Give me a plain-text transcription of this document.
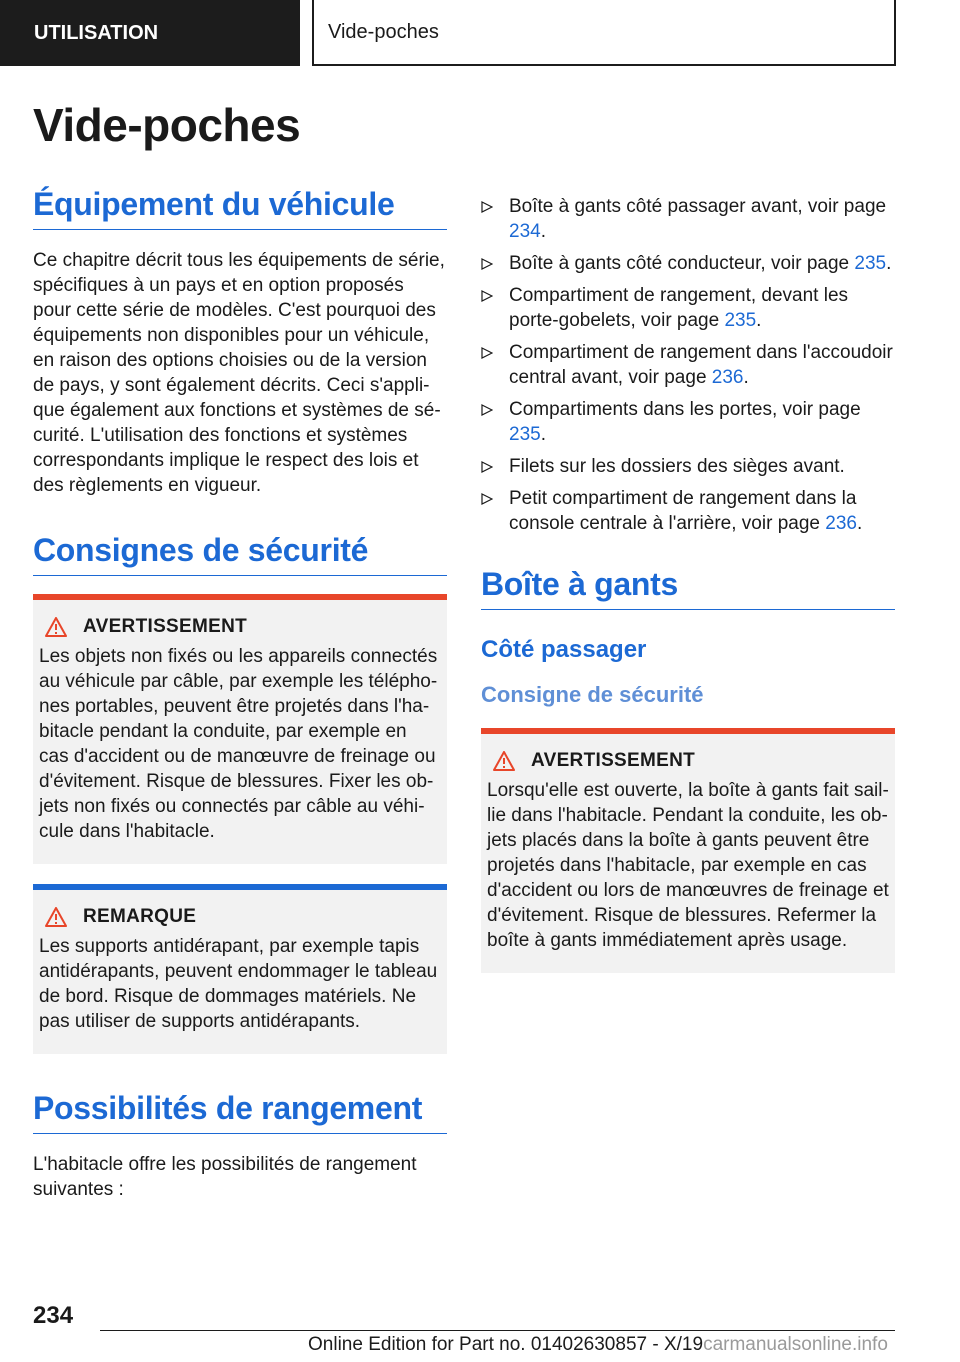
UTILISATION	Vide-poches
Vide-poches
Équipement du véhicule

Ce chapitre décrit tous les équipements de série, spécifiques à un pays et en option proposés pour cette série de modèles. C'est pourquoi des équipements non disponibles pour un véhicule, en raison des options choisies ou de la version de pays, y sont également décrits. Ceci s'applique également aux fonctions et systèmes de sécurité. L'utilisation des fonctions et systèmes correspondants implique le respect des lois et des règlements en vigueur.

Consignes de sécurité
AVERTISSEMENT
Les objets non fixés ou les appareils connectés au véhicule par câble, par exemple les téléphones portables, peuvent être projetés dans l'habitacle pendant la conduite, par exemple en cas d'accident ou de manœuvre de freinage ou d'évitement. Risque de blessures. Fixer les objets non fixés ou connectés par câble au véhicule dans l'habitacle.
REMARQUE
Les supports antidérapant, par exemple tapis antidérapants, peuvent endommager le tableau de bord. Risque de dommages matériels. Ne pas utiliser de supports antidérapants.
Possibilités de rangement

L'habitacle offre les possibilités de rangement suivantes :

Boîte à gants côté passager avant, voir page 234.
Boîte à gants côté conducteur, voir page 235.
Compartiment de rangement, devant les porte-gobelets, voir page 235.
Compartiment de rangement dans l'accoudoir central avant, voir page 236.
Compartiments dans les portes, voir page 235.
Filets sur les dossiers des sièges avant.
Petit compartiment de rangement dans la console centrale à l'arrière, voir page 236.
Boîte à gants
Côté passager
Consigne de sécurité
AVERTISSEMENT
Lorsqu'elle est ouverte, la boîte à gants fait saillie dans l'habitacle. Pendant la conduite, les objets placés dans la boîte à gants peuvent être projetés dans l'habitacle, par exemple en cas d'accident ou lors de manœuvres de freinage et d'évitement. Risque de blessures. Refermer la boîte à gants immédiatement après usage.
234
Online Edition for Part no. 01402630857 - X/19carmanualsonline.info
